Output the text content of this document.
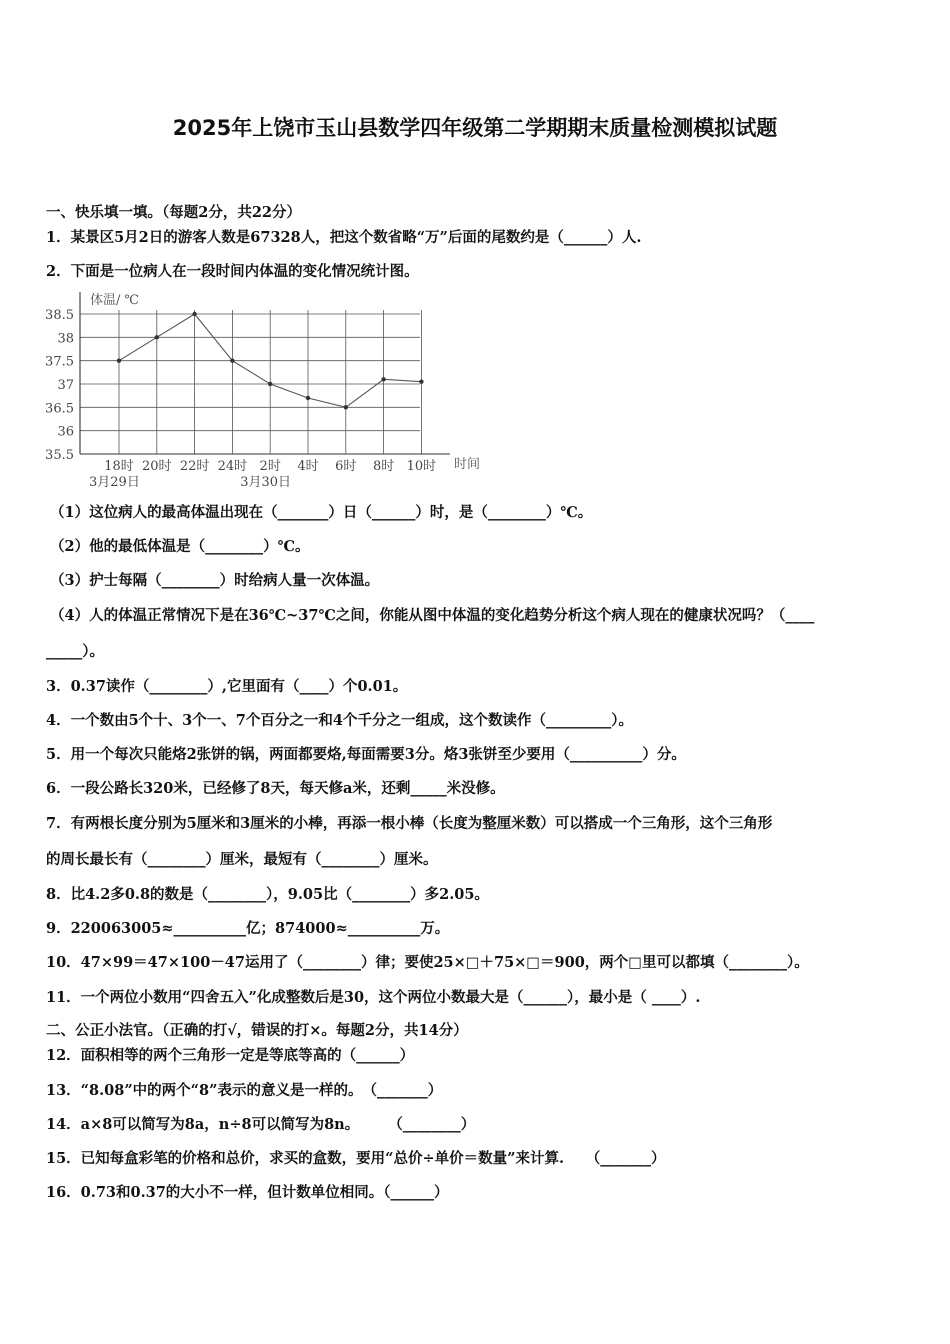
2025年上饶市玉山县数学四年级第二学期期末质量检测模拟试题
一、快乐填一填。（每题2分，共22分）
1．某景区5月2日的游客人数是67328人，把这个数省略“万”后面的尾数约是（______）人.
2．下面是一位病人在一段时间内体温的变化情况统计图。
38.5
38
37.5
37
36.5
36
35.5
体温/ ℃
时间
18时 20时 22时 24时 2时 4时 6时 8时 10时
3月29日	3月30日
（1）这位病人的最高体温出现在（_______）日（______）时，是（________）℃。
（2）他的最低体温是（________）℃。
（3）护士每隔（________）时给病人量一次体温。
（4）人的体温正常情况下是在36℃~37℃之间，你能从图中体温的变化趋势分析这个病人现在的健康状况吗？（____
_____）。
3．0.37读作（________）,它里面有（____）个0.01。
4．一个数由5个十、3个一、7个百分之一和4个千分之一组成，这个数读作（_________）。
5．用一个每次只能烙2张饼的锅，两面都要烙,每面需要3分。烙3张饼至少要用（__________）分。
6．一段公路长320米，已经修了8天，每天修a米，还剩_____米没修。
7．有两根长度分别为5厘米和3厘米的小棒，再添一根小棒（长度为整厘米数）可以搭成一个三角形，这个三角形
的周长最长有（________）厘米，最短有（________）厘米。
8．比4.2多0.8的数是（________），9.05比（________）多2.05。
9．220063005≈__________亿；874000≈__________万。
10．47×99＝47×100－47运用了（________）律；要使25×□＋75×□＝900，两个□里可以都填（________）。
11．一个两位小数用“四舍五入”化成整数后是30，这个两位小数最大是（______），最小是（ ____）.
二、公正小法官。（正确的打√，错误的打×。每题2分，共14分）
12．面积相等的两个三角形一定是等底等高的（______）
13．“8.08”中的两个“8”表示的意义是一样的。　（_______）
14．a×8可以简写为8a，n÷8可以简写为8n。　　　（________）
15．已知每盒彩笔的价格和总价，求买的盒数，要用“总价÷单价＝数量”来计算.　　（_______）
16．0.73和0.37的大小不一样，但计数单位相同。（______）
